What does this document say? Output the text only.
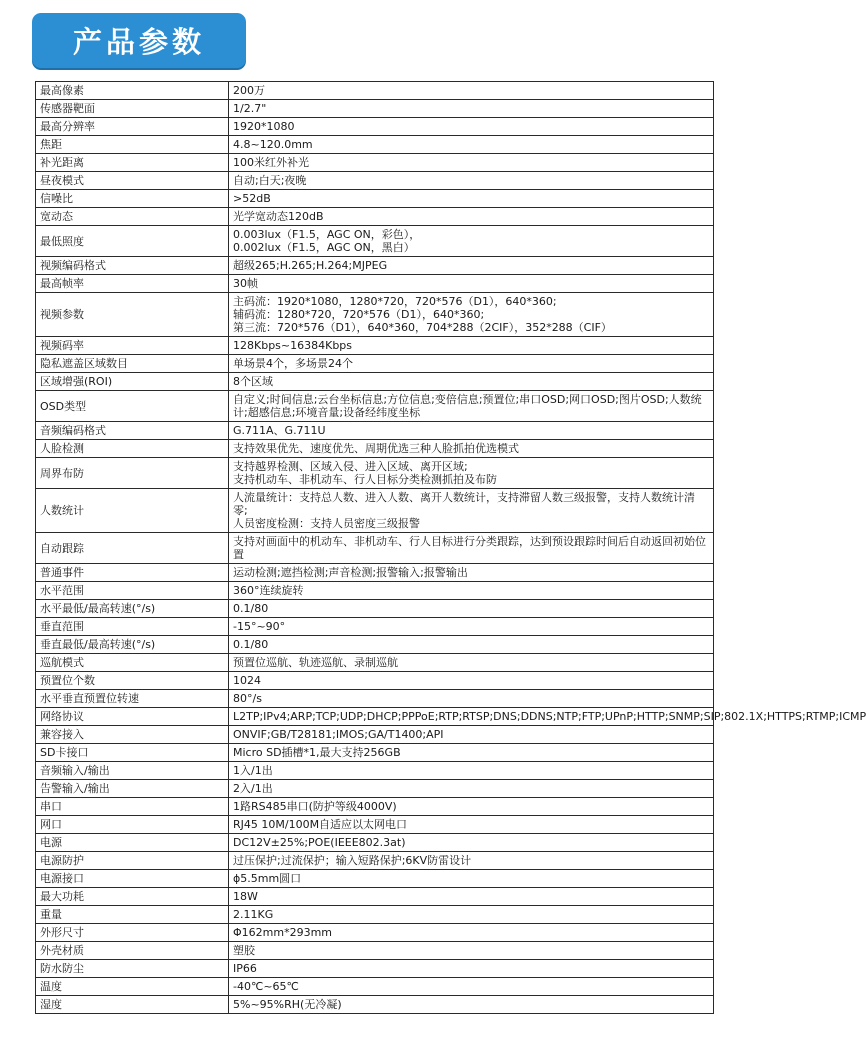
产品参数
最高像素	200万
传感器靶面	1/2.7"
最高分辨率	1920*1080
焦距	4.8~120.0mm
补光距离	100米红外补光
昼夜模式	自动;白天;夜晚
信噪比	>52dB
宽动态	光学宽动态120dB
最低照度	0.003lux（F1.5，AGC ON，彩色），
0.002lux（F1.5，AGC ON，黑白）
视频编码格式	超级265;H.265;H.264;MJPEG
最高帧率	30帧
视频参数	主码流：1920*1080，1280*720，720*576（D1），640*360;
辅码流：1280*720，720*576（D1），640*360;
第三流：720*576（D1），640*360，704*288（2CIF），352*288（CIF）
视频码率	128Kbps~16384Kbps
隐私遮盖区域数目	单场景4个，多场景24个
区域增强(ROI)	8个区域
OSD类型	自定义;时间信息;云台坐标信息;方位信息;变倍信息;预置位;串口OSD;网口OSD;图片OSD;人数统计;超感信息;环境音量;设备经纬度坐标
音频编码格式	G.711A、G.711U
人脸检测	支持效果优先、速度优先、周期优选三种人脸抓拍优选模式
周界布防	支持越界检测、区域入侵、进入区域、离开区域;
支持机动车、非机动车、行人目标分类检测抓拍及布防
人数统计	人流量统计：支持总人数、进入人数、离开人数统计，支持滞留人数三级报警，支持人数统计清零;
人员密度检测：支持人员密度三级报警
自动跟踪	支持对画面中的机动车、非机动车、行人目标进行分类跟踪，达到预设跟踪时间后自动返回初始位置
普通事件	运动检测;遮挡检测;声音检测;报警输入;报警输出
水平范围	360°连续旋转
水平最低/最高转速(°/s)	0.1/80
垂直范围	-15°~90°
垂直最低/最高转速(°/s)	0.1/80
巡航模式	预置位巡航、轨迹巡航、录制巡航
预置位个数	1024
水平垂直预置位转速	80°/s
网络协议	L2TP;IPv4;ARP;TCP;UDP;DHCP;PPPoE;RTP;RTSP;DNS;DDNS;NTP;FTP;UPnP;HTTP;SNMP;SIP;802.1X;HTTPS;RTMP;ICMP
兼容接入	ONVIF;GB/T28181;IMOS;GA/T1400;API
SD卡接口	Micro SD插槽*1,最大支持256GB
音频输入/输出	1入/1出
告警输入/输出	2入/1出
串口	1路RS485串口(防护等级4000V)
网口	RJ45 10M/100M自适应以太网电口
电源	DC12V±25%;POE(IEEE802.3at)
电源防护	过压保护;过流保护；输入短路保护;6KV防雷设计
电源接口	ϕ5.5mm圆口
最大功耗	18W
重量	2.11KG
外形尺寸	Φ162mm*293mm
外壳材质	塑胶
防水防尘	IP66
温度	-40℃~65℃
湿度	5%~95%RH(无冷凝)
